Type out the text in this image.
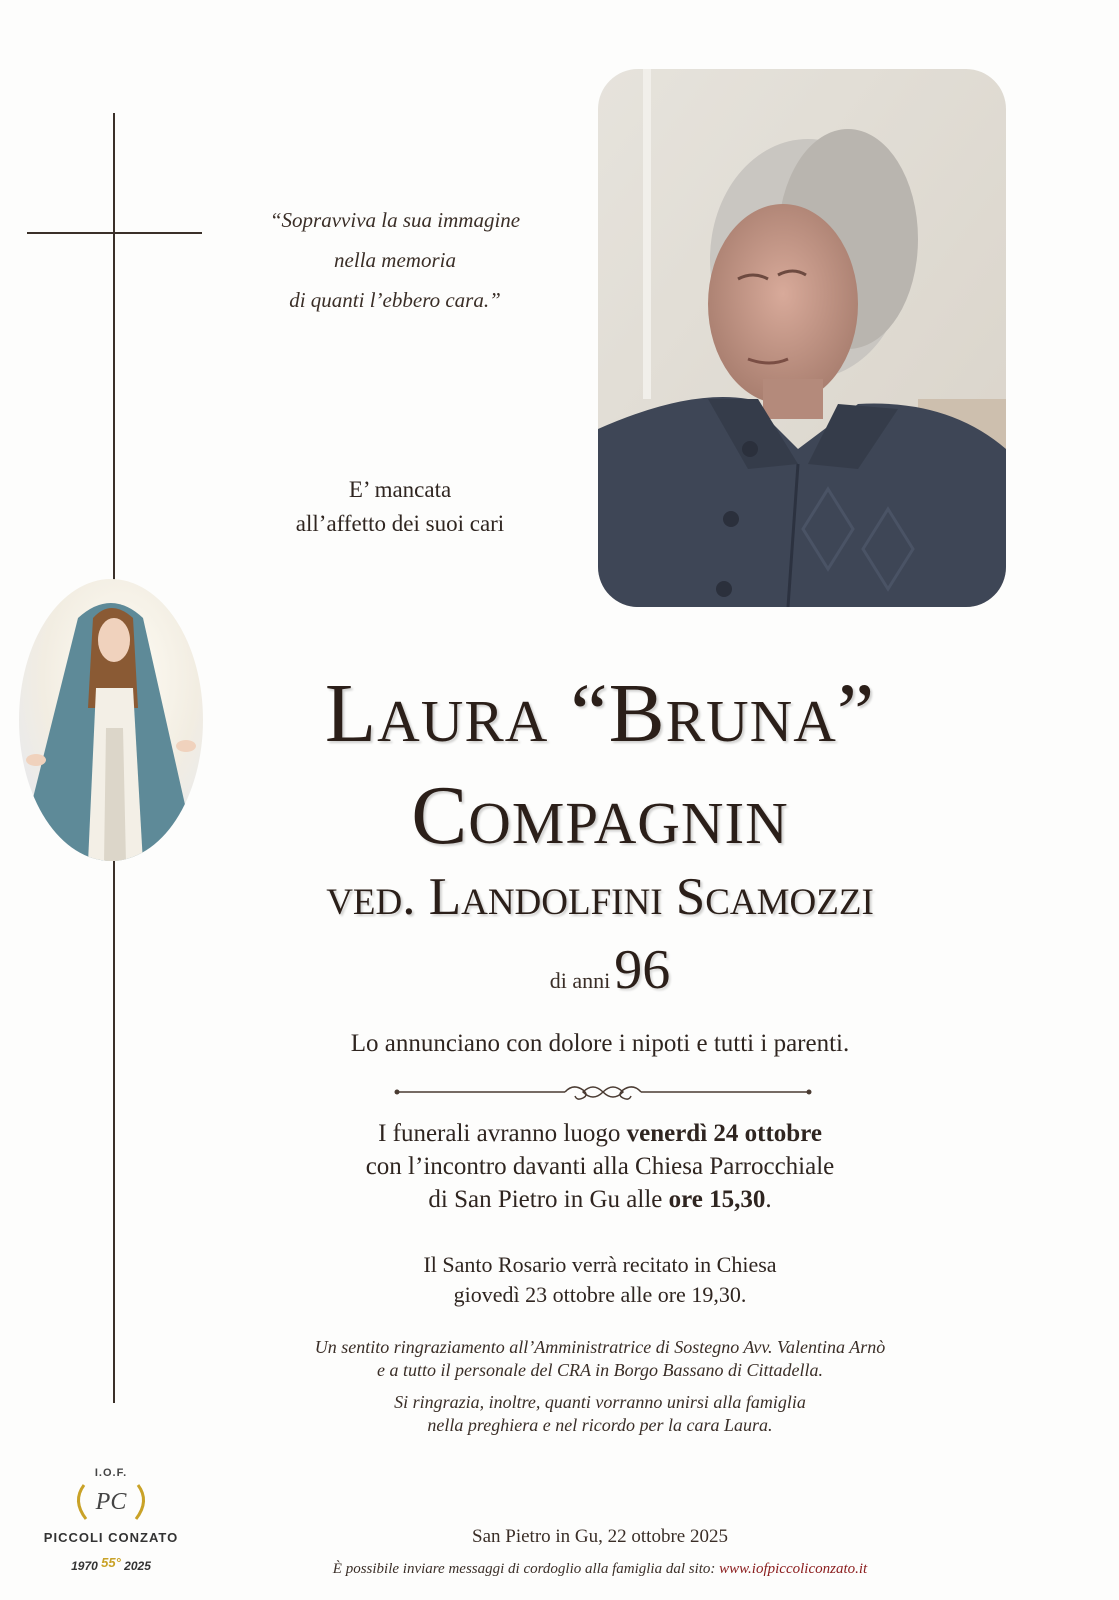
“Sopravviva la sua immagine
nella memoria
di quanti l’ebbero cara.”
E’ mancata
all’affetto dei suoi cari
Laura “Bruna”
Compagnin
ved. Landolfini Scamozzi
di anni 96
Lo annunciano con dolore i nipoti e tutti i parenti.
I funerali avranno luogo venerdì 24 ottobre
con l’incontro davanti alla Chiesa Parrocchiale
di San Pietro in Gu alle ore 15,30.
Il Santo Rosario verrà recitato in Chiesa
giovedì 23 ottobre alle ore 19,30.
Un sentito ringraziamento all’Amministratrice di Sostegno Avv. Valentina Arnò
e a tutto il personale del CRA in Borgo Bassano di Cittadella.
Si ringrazia, inoltre, quanti vorranno unirsi alla famiglia
nella preghiera e nel ricordo per la cara Laura.
I.O.F.
PC
PICCOLI CONZATO
1970 55° 2025
San Pietro in Gu, 22 ottobre 2025
È possibile inviare messaggi di cordoglio alla famiglia dal sito: www.iofpiccoliconzato.it
